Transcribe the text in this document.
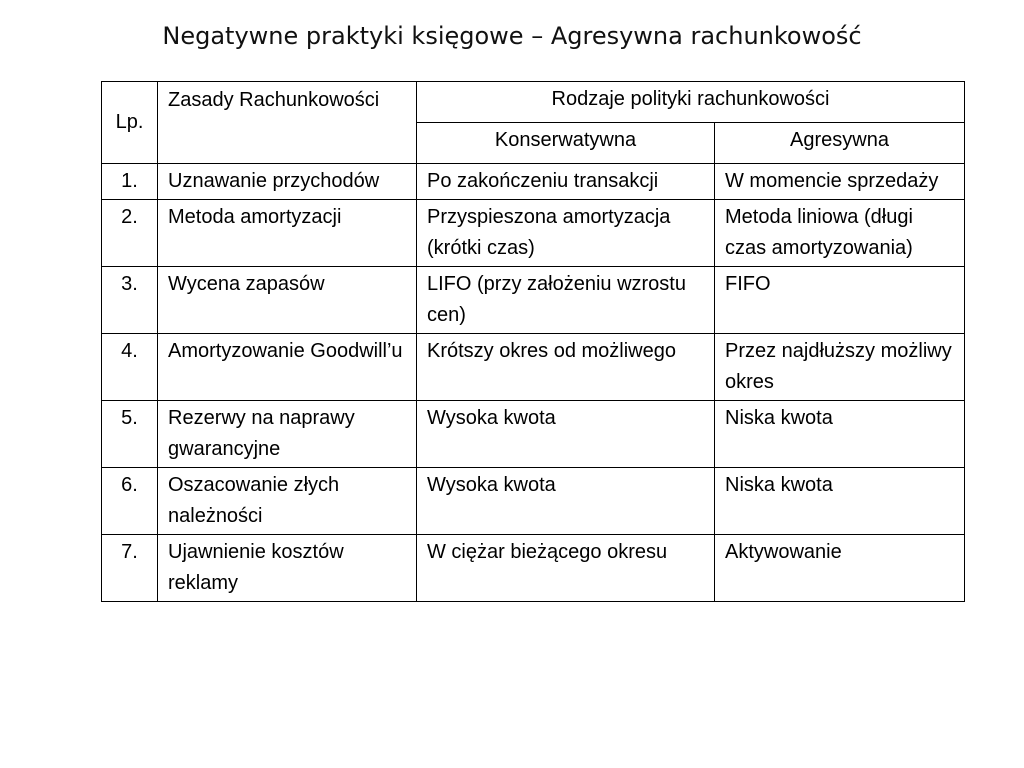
Negatywne praktyki księgowe – Agresywna rachunkowość
Lp.	Zasady Rachunkowości	Rodzaje polityki rachunkowości	
		Konserwatywna	Agresywna
1.	Uznawanie przychodów	Po zakończeniu transakcji	W momencie sprzedaży
2.	Metoda amortyzacji	Przyspieszona amortyzacja (krótki czas)	Metoda liniowa (długi czas amortyzowania)
3.	Wycena zapasów	LIFO (przy założeniu wzrostu cen)	FIFO
4.	Amortyzowanie Goodwill’u	Krótszy okres od możliwego	Przez najdłuższy możliwy okres
5.	Rezerwy na naprawy gwarancyjne	Wysoka kwota	Niska kwota
6.	Oszacowanie złych należności	Wysoka kwota	Niska kwota
7.	Ujawnienie kosztów reklamy	W ciężar bieżącego okresu	Aktywowanie
